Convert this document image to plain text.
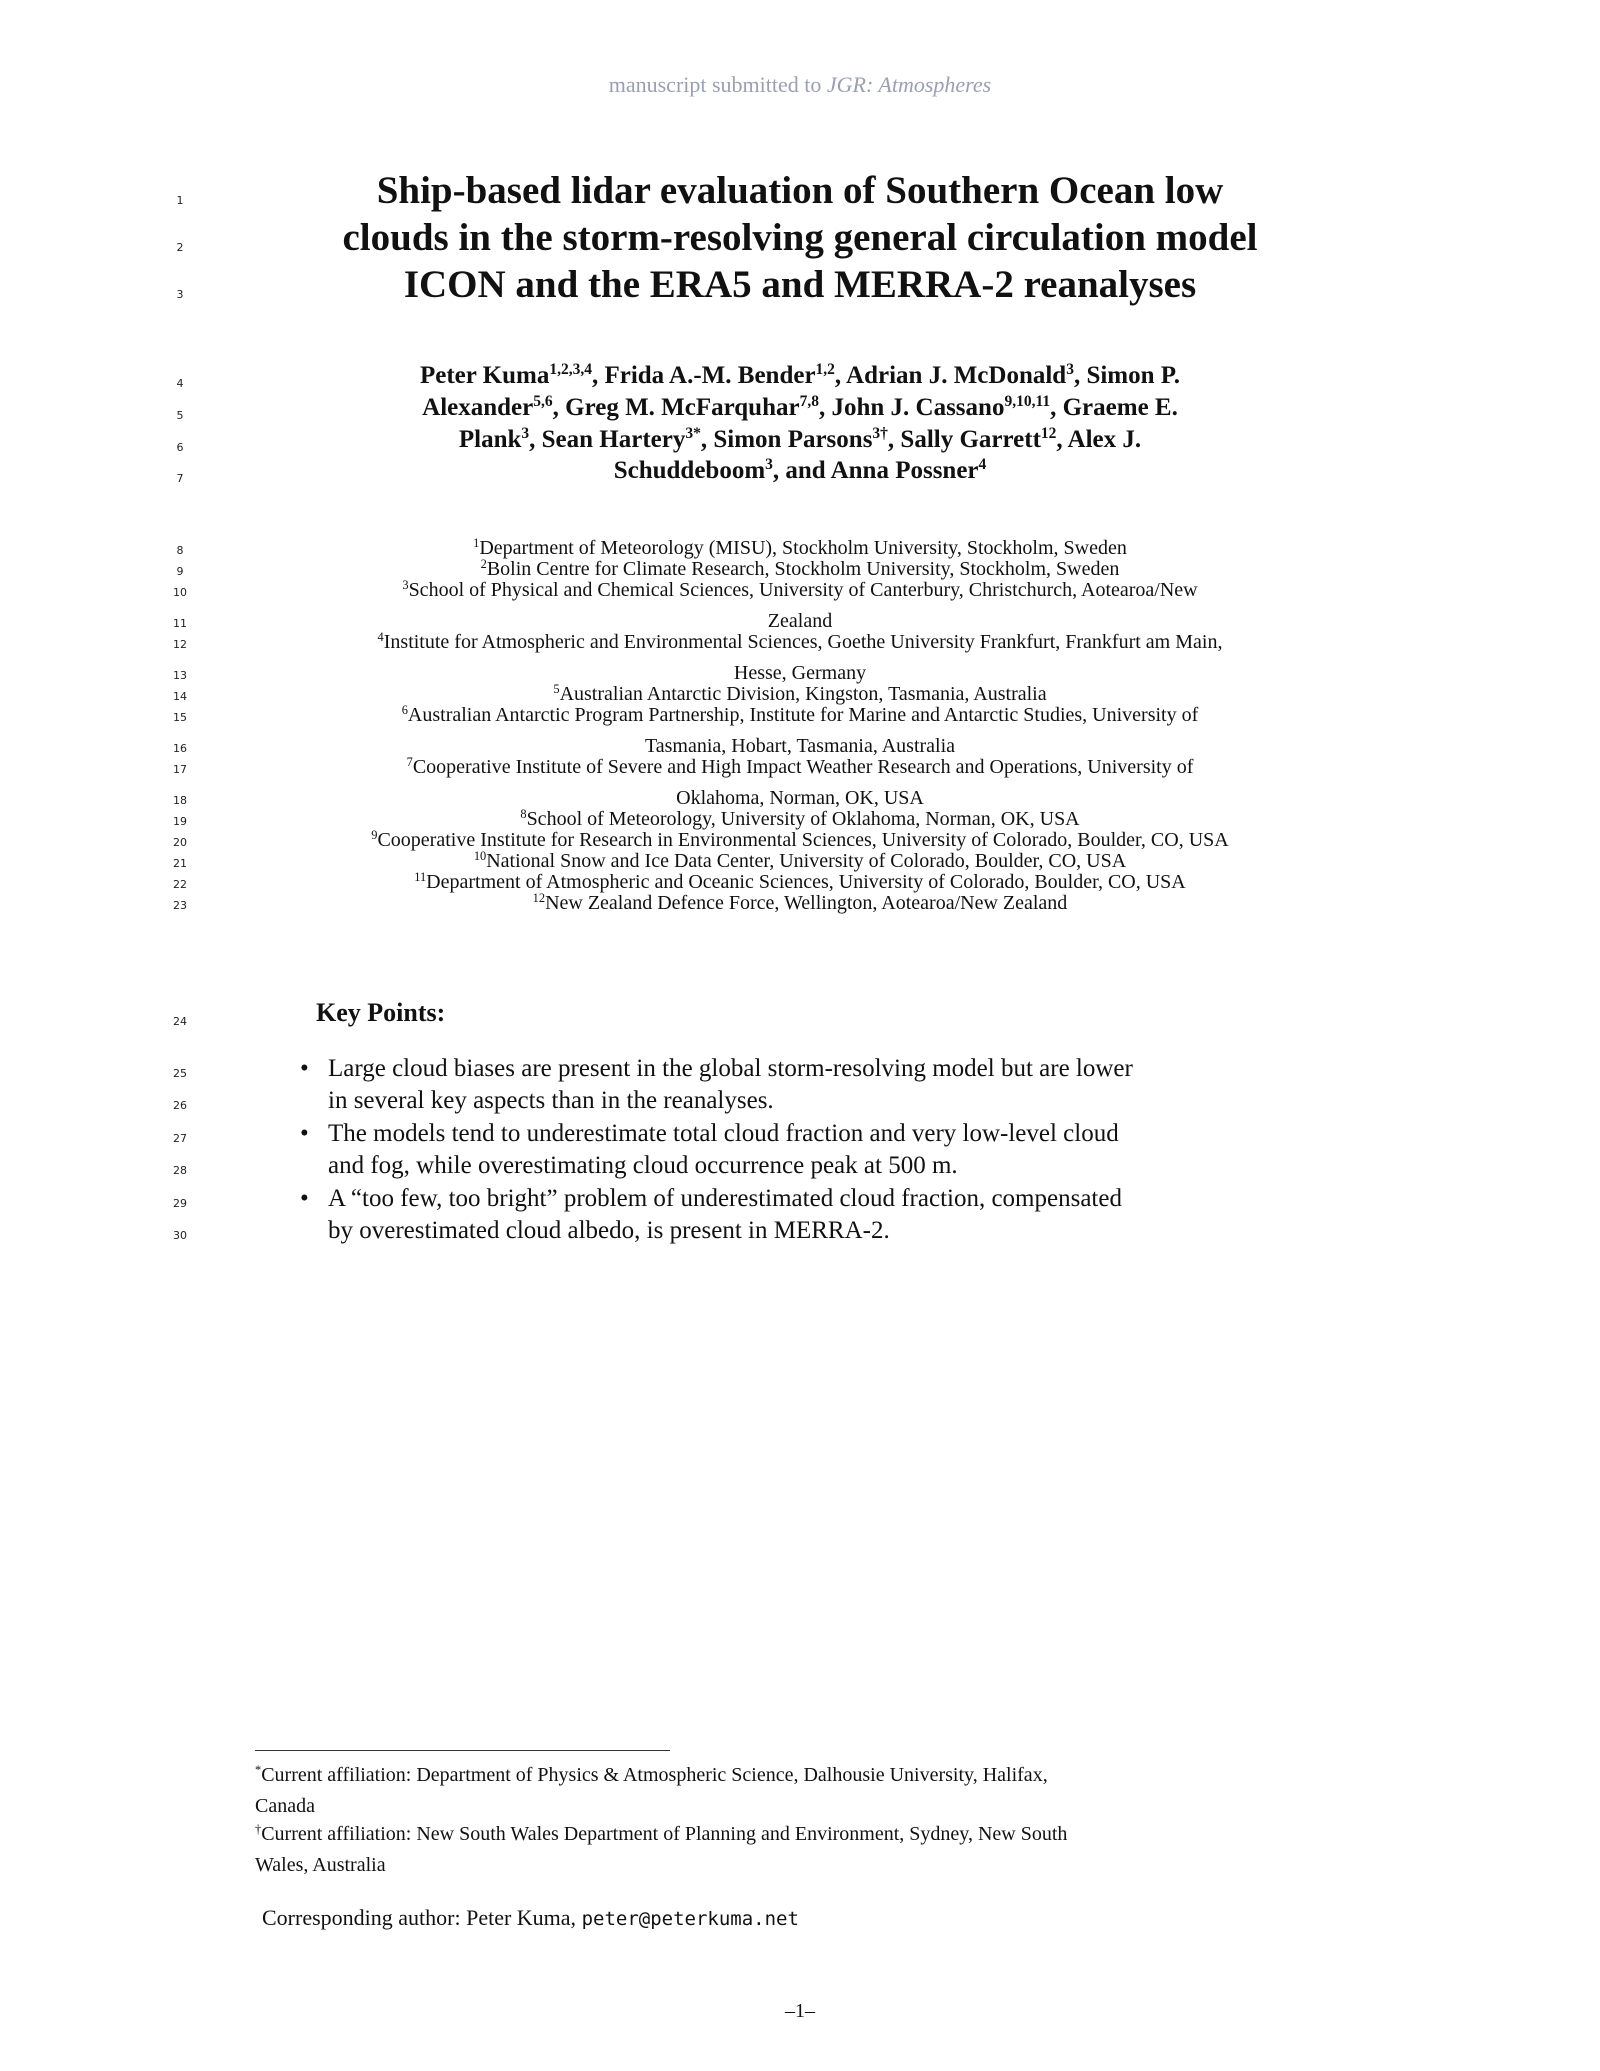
manuscript submitted to JGR: Atmospheres
1
2
3
4
5
6
7
8
9
10
11
12
13
14
15
16
17
18
19
20
21
22
23
24
25
26
27
28
29
30
Ship-based lidar evaluation of Southern Ocean low
clouds in the storm-resolving general circulation model
ICON and the ERA5 and MERRA-2 reanalyses
Peter Kuma$^{1,2,3,4}$, Frida A.-M. Bender$^{1,2}$, Adrian J. McDonald$^3$, Simon P.
Alexander$^{5,6}$, Greg M. McFarquhar$^{7,8}$, John J. Cassano$^{9,10,11}$, Graeme E.
Plank$^3$, Sean Hartery$^{3*}$, Simon Parsons$^{3\dagger}$, Sally Garrett$^{12}$, Alex J.
Schuddeboom$^3$, and Anna Possner$^4$
$^1$Department of Meteorology (MISU), Stockholm University, Stockholm, Sweden
$^2$Bolin Centre for Climate Research, Stockholm University, Stockholm, Sweden
$^3$School of Physical and Chemical Sciences, University of Canterbury, Christchurch, Aotearoa/New
Zealand
$^4$Institute for Atmospheric and Environmental Sciences, Goethe University Frankfurt, Frankfurt am Main,
Hesse, Germany
$^5$Australian Antarctic Division, Kingston, Tasmania, Australia
$^6$Australian Antarctic Program Partnership, Institute for Marine and Antarctic Studies, University of
Tasmania, Hobart, Tasmania, Australia
$^7$Cooperative Institute of Severe and High Impact Weather Research and Operations, University of
Oklahoma, Norman, OK, USA
$^8$School of Meteorology, University of Oklahoma, Norman, OK, USA
$^9$Cooperative Institute for Research in Environmental Sciences, University of Colorado, Boulder, CO, USA
$^{10}$National Snow and Ice Data Center, University of Colorado, Boulder, CO, USA
$^{11}$Department of Atmospheric and Oceanic Sciences, University of Colorado, Boulder, CO, USA
$^{12}$New Zealand Defence Force, Wellington, Aotearoa/New Zealand
Key Points:
• Large cloud biases are present in the global storm-resolving model but are lower
in several key aspects than in the reanalyses.
• The models tend to underestimate total cloud fraction and very low-level cloud
and fog, while overestimating cloud occurrence peak at 500 m.
• A “too few, too bright” problem of underestimated cloud fraction, compensated
by overestimated cloud albedo, is present in MERRA-2.
*Current affiliation: Department of Physics & Atmospheric Science, Dalhousie University, Halifax,
Canada
†Current affiliation: New South Wales Department of Planning and Environment, Sydney, New South
Wales, Australia
Corresponding author: Peter Kuma, peter@peterkuma.net
–1–
